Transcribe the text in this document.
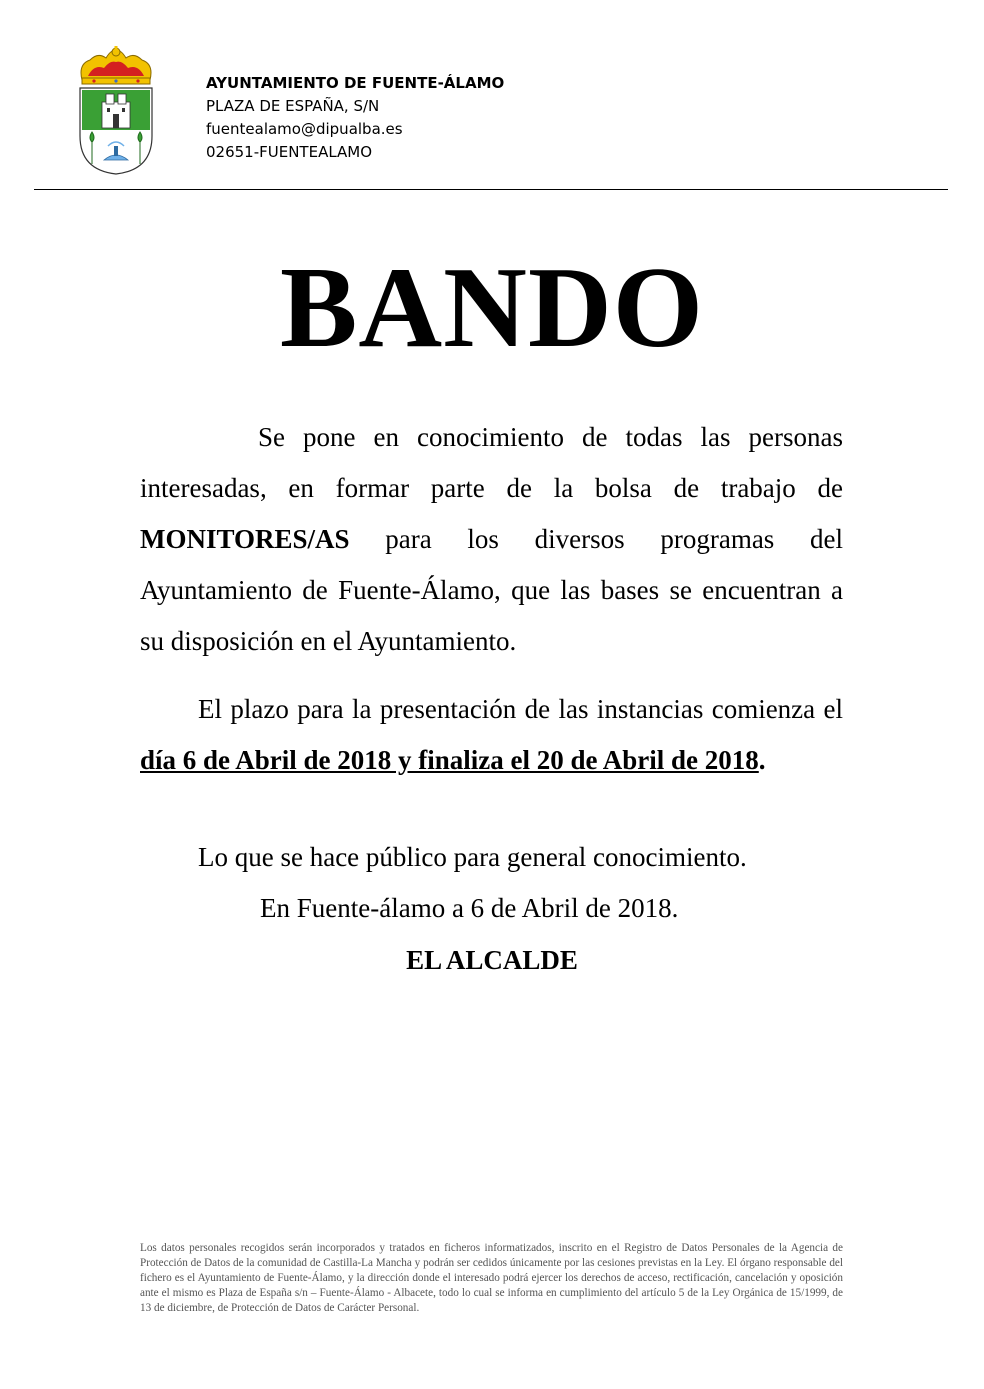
AYUNTAMIENTO DE FUENTE-ÁLAMO
PLAZA DE ESPAÑA, S/N
fuentealamo@dipualba.es
02651-FUENTEALAMO
BANDO

Se pone en conocimiento de todas las personas interesadas, en formar parte de la bolsa de trabajo de MONITORES/AS para los diversos programas del Ayuntamiento de Fuente-Álamo, que las bases se encuentran a su disposición en el Ayuntamiento.

El plazo para la presentación de las instancias comienza el día 6 de Abril de 2018 y finaliza el 20 de Abril de 2018.

Lo que se hace público para general conocimiento.
En Fuente-álamo a 6 de Abril de 2018.
EL ALCALDE

Los datos personales recogidos serán incorporados y tratados en ficheros informatizados, inscrito en el Registro de Datos Personales de la Agencia de Protección de Datos de la comunidad de Castilla-La Mancha y podrán ser cedidos únicamente por las cesiones previstas en la Ley. El órgano responsable del fichero es el Ayuntamiento de Fuente-Álamo, y la dirección donde el interesado podrá ejercer los derechos de acceso, rectificación, cancelación y oposición ante el mismo es Plaza de España s/n – Fuente-Álamo - Albacete, todo lo cual se informa en cumplimiento del artículo 5 de la Ley Orgánica de 15/1999, de 13 de diciembre, de Protección de Datos de Carácter Personal.
